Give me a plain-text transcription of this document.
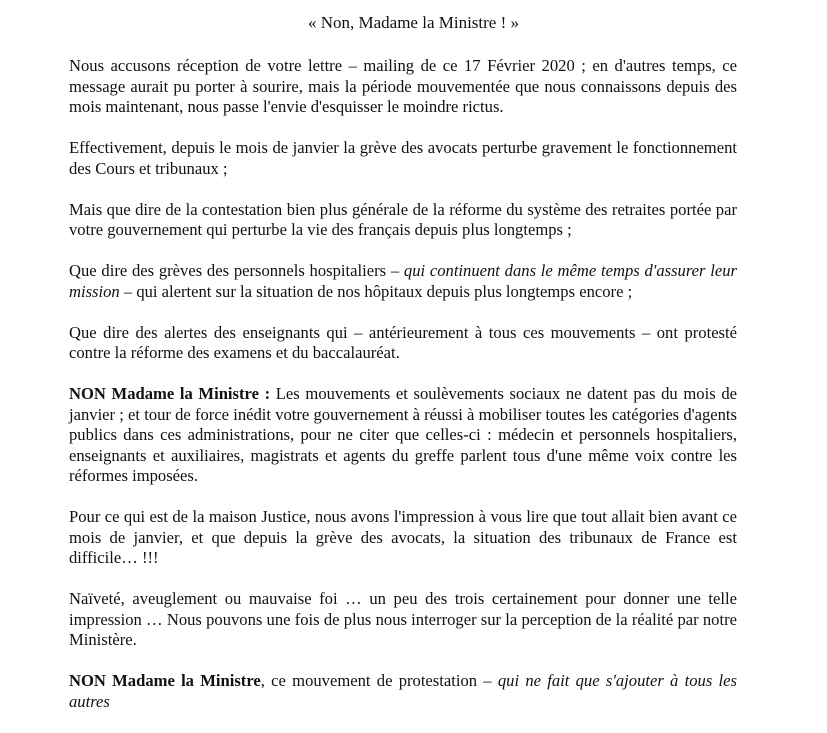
« Non, Madame la Ministre ! »

Nous accusons réception de votre lettre – mailing de ce 17 Février 2020 ; en d'autres temps, ce message aurait pu porter à sourire, mais la période mouvementée que nous connaissons depuis des mois maintenant, nous passe l'envie d'esquisser le moindre rictus.

Effectivement, depuis le mois de janvier la grève des avocats perturbe gravement le fonctionnement des Cours et tribunaux ;

Mais que dire de la contestation bien plus générale de la réforme du système des retraites portée par votre gouvernement qui perturbe la vie des français depuis plus longtemps ;

Que dire des grèves des personnels hospitaliers – qui continuent dans le même temps d'assurer leur mission – qui alertent sur la situation de nos hôpitaux depuis plus longtemps encore ;

Que dire des alertes des enseignants qui – antérieurement à tous ces mouvements – ont protesté contre la réforme des examens et du baccalauréat.

NON Madame la Ministre : Les mouvements et soulèvements sociaux ne datent pas du mois de janvier ; et tour de force inédit votre gouvernement à réussi à mobiliser toutes les catégories d'agents publics dans ces administrations, pour ne citer que celles-ci : médecin et personnels hospitaliers, enseignants et auxiliaires, magistrats et agents du greffe parlent tous d'une même voix contre les réformes imposées.

Pour ce qui est de la maison Justice, nous avons l'impression à vous lire que tout allait bien avant ce mois de janvier, et que depuis la grève des avocats, la situation des tribunaux de France est difficile… !!!

Naïveté, aveuglement ou mauvaise foi … un peu des trois certainement pour donner une telle impression … Nous pouvons une fois de plus nous interroger sur la perception de la réalité par notre Ministère.

NON Madame la Ministre, ce mouvement de protestation – qui ne fait que s'ajouter à tous les autres
